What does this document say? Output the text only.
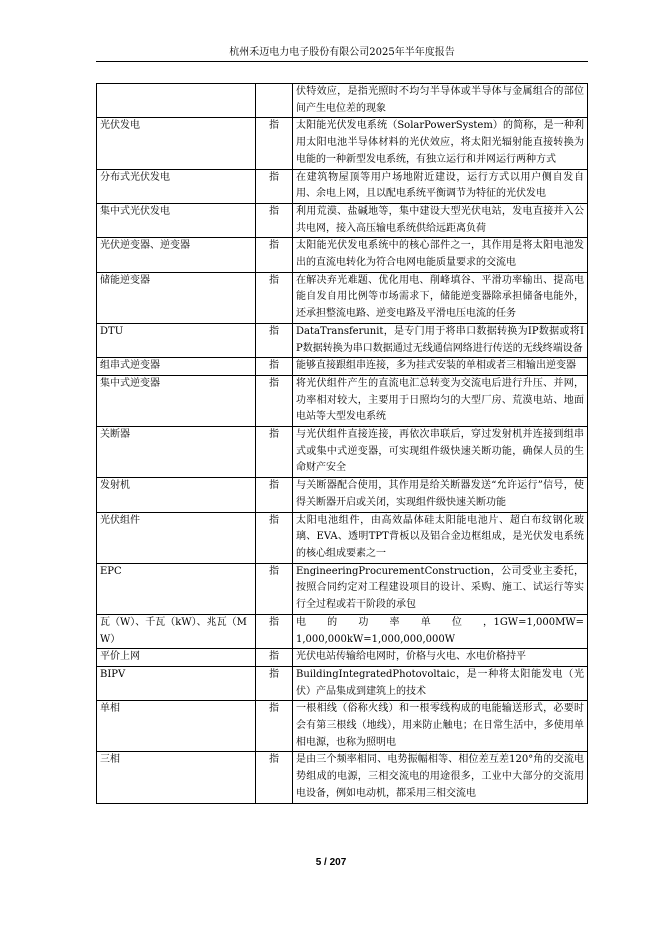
杭州禾迈电力电子股份有限公司2025年半年度报告
		伏特效应，是指光照时不均匀半导体或半导体与金属组合的部位间产生电位差的现象
光伏发电	指	太阳能光伏发电系统（SolarPowerSystem）的简称，是一种利用太阳电池半导体材料的光伏效应，将太阳光辐射能直接转换为电能的一种新型发电系统，有独立运行和并网运行两种方式
分布式光伏发电	指	在建筑物屋顶等用户场地附近建设，运行方式以用户侧自发自用、余电上网，且以配电系统平衡调节为特征的光伏发电
集中式光伏发电	指	利用荒漠、盐碱地等，集中建设大型光伏电站，发电直接并入公共电网，接入高压输电系统供给远距离负荷
光伏逆变器、逆变器	指	太阳能光伏发电系统中的核心部件之一，其作用是将太阳电池发出的直流电转化为符合电网电能质量要求的交流电
储能逆变器	指	在解决弃光难题、优化用电、削峰填谷、平滑功率输出、提高电能自发自用比例等市场需求下，储能逆变器除承担储备电能外，还承担整流电路、逆变电路及平滑电压电流的任务
DTU	指	DataTransferunit，是专门用于将串口数据转换为IP数据或将IP数据转换为串口数据通过无线通信网络进行传送的无线终端设备
组串式逆变器	指	能够直接跟组串连接，多为挂式安装的单相或者三相输出逆变器
集中式逆变器	指	将光伏组件产生的直流电汇总转变为交流电后进行升压、并网，功率相对较大，主要用于日照均匀的大型厂房、荒漠电站、地面电站等大型发电系统
关断器	指	与光伏组件直接连接，再依次串联后，穿过发射机并连接到组串式或集中式逆变器，可实现组件级快速关断功能，确保人员的生命财产安全
发射机	指	与关断器配合使用，其作用是给关断器发送“允许运行”信号，使得关断器开启或关闭，实现组件级快速关断功能
光伏组件	指	太阳电池组件，由高效晶体硅太阳能电池片、超白布纹钢化玻璃、EVA、透明TPT背板以及铝合金边框组成，是光伏发电系统的核心组成要素之一
EPC	指	EngineeringProcurementConstruction，公司受业主委托，按照合同约定对工程建设项目的设计、采购、施工、试运行等实行全过程或若干阶段的承包
瓦（W）、千瓦（kW）、兆瓦（MW）	指	电　　的　　功　　率　　单　　位　　，1GW=1,000MW=1,000,000kW=1,000,000,000W
平价上网	指	光伏电站传输给电网时，价格与火电、水电价格持平
BIPV	指	BuildingIntegratedPhotovoltaic，是一种将太阳能发电（光伏）产品集成到建筑上的技术
单相	指	一根相线（俗称火线）和一根零线构成的电能输送形式，必要时会有第三根线（地线），用来防止触电；在日常生活中，多使用单相电源，也称为照明电
三相	指	是由三个频率相同、电势振幅相等、相位差互差120°角的交流电势组成的电源，三相交流电的用途很多，工业中大部分的交流用电设备，例如电动机，都采用三相交流电
5 / 207
